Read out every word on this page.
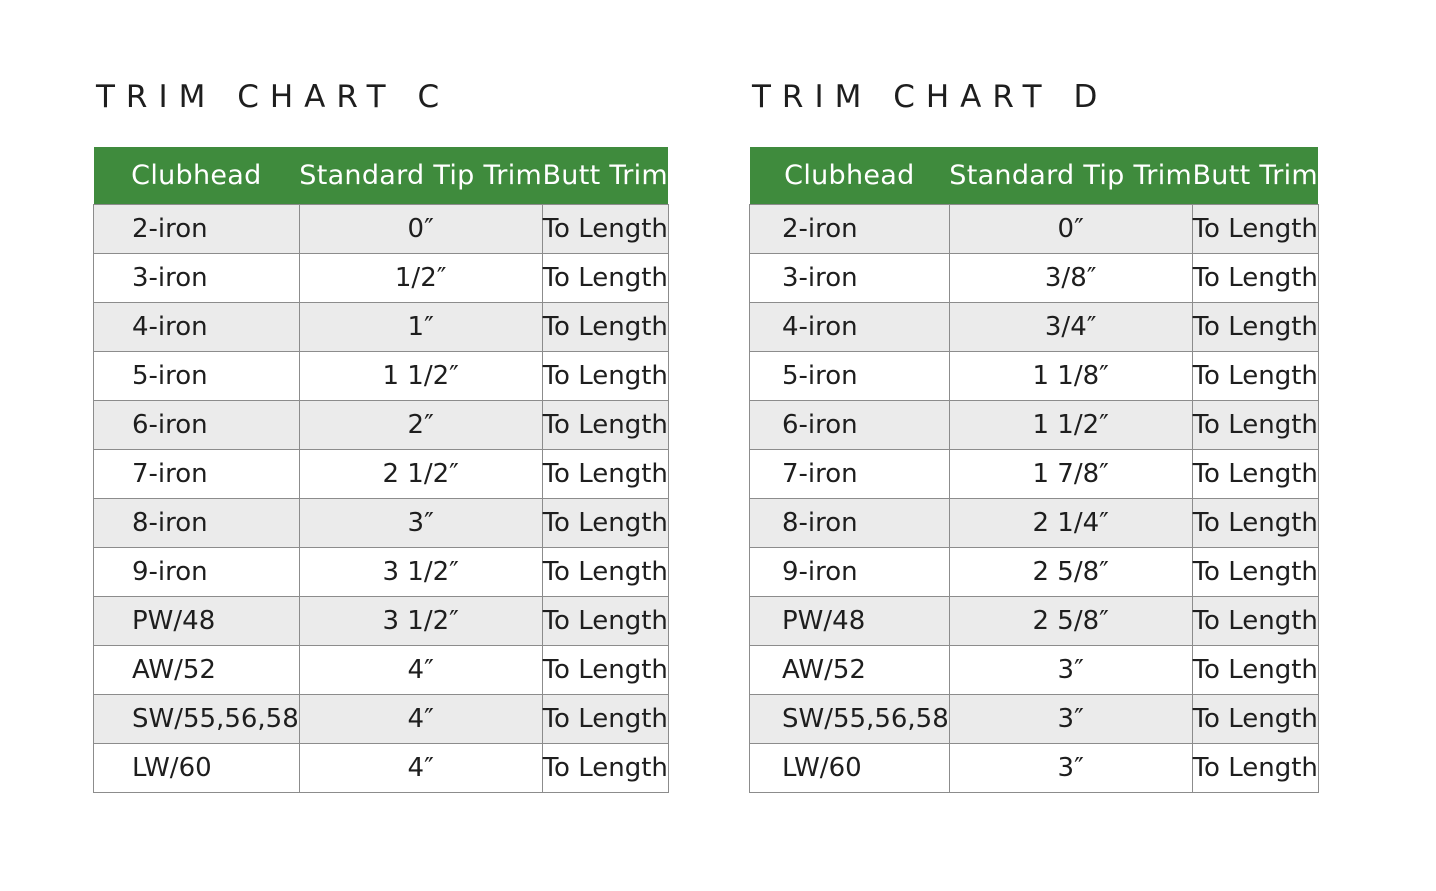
TRIM CHART C
Clubhead	Standard Tip Trim	Butt Trim
2-iron	0″	To Length
3-iron	1/2″	To Length
4-iron	1″	To Length
5-iron	1 1/2″	To Length
6-iron	2″	To Length
7-iron	2 1/2″	To Length
8-iron	3″	To Length
9-iron	3 1/2″	To Length
PW/48	3 1/2″	To Length
AW/52	4″	To Length
SW/55,56,58	4″	To Length
LW/60	4″	To Length
TRIM CHART D
Clubhead	Standard Tip Trim	Butt Trim
2-iron	0″	To Length
3-iron	3/8″	To Length
4-iron	3/4″	To Length
5-iron	1 1/8″	To Length
6-iron	1 1/2″	To Length
7-iron	1 7/8″	To Length
8-iron	2 1/4″	To Length
9-iron	2 5/8″	To Length
PW/48	2 5/8″	To Length
AW/52	3″	To Length
SW/55,56,58	3″	To Length
LW/60	3″	To Length
